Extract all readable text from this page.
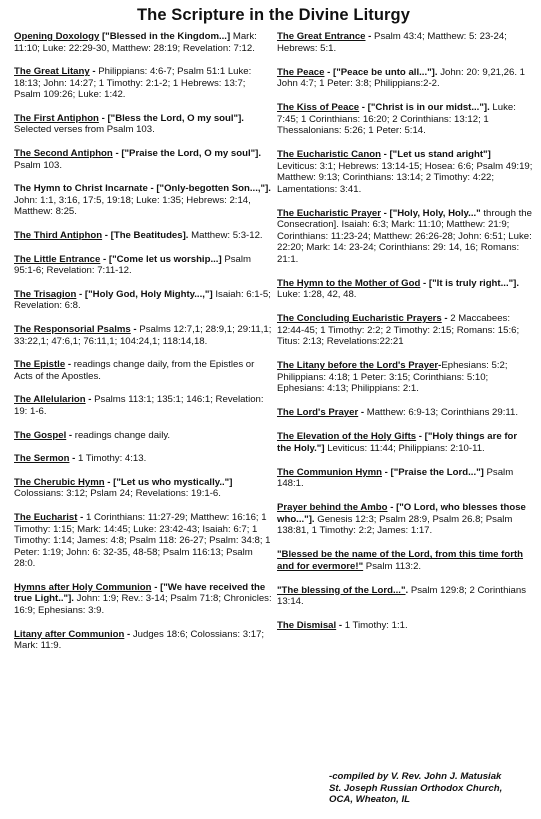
The Scripture in the Divine Liturgy
Opening Doxology ["Blessed in the Kingdom...] Mark: 11:10; Luke: 22:29-30, Matthew: 28:19; Revelation: 7:12.
The Great Litany - Philippians: 4:6-7; Psalm 51:1 Luke: 18:13; John: 14:27; 1 Timothy: 2:1-2; 1 Hebrews: 13:7; Psalm 109:26; Luke: 1:42.
The First Antiphon - ["Bless the Lord, O my soul"]. Selected verses from Psalm 103.
The Second Antiphon - ["Praise the Lord, O my soul"]. Psalm 103.
The Hymn to Christ Incarnate - ["Only-begotten Son...,"]. John: 1:1, 3:16, 17:5, 19:18; Luke: 1:35; Hebrews: 2:14, Matthew: 8:25.
The Third Antiphon - [The Beatitudes]. Matthew: 5:3-12.
The Little Entrance - ["Come let us worship...] Psalm 95:1-6; Revelation: 7:11-12.
The Trisagion - ["Holy God, Holy Mighty...,"] Isaiah: 6:1-5; Revelation: 6:8.
The Responsorial Psalms - Psalms 12:7,1; 28:9,1; 29:11,1; 33:22,1; 47:6,1; 76:11,1; 104:24,1; 118:14,18.
The Epistle - readings change daily, from the Epistles or Acts of the Apostles.
The Allelularion - Psalms 113:1; 135:1; 146:1; Revelation: 19: 1-6.
The Gospel - readings change daily.
The Sermon - 1 Timothy: 4:13.
The Cherubic Hymn - ["Let us who mystically.."] Colossians: 3:12; Pslam 24; Revelations: 19:1-6.
The Eucharist - 1 Corinthians: 11:27-29; Matthew: 16:16; 1 Timothy: 1:15; Mark: 14:45; Luke: 23:42-43; Isaiah: 6:7; 1 Timothy: 1:14; James: 4:8; Psalm 118: 26-27; Psalm: 34:8; 1 Peter: 1:19; John: 6: 32-35, 48-58; Psalm 116:13; Psalm 28:0.
Hymns after Holy Communion - ["We have received the true Light.."]. John: 1:9; Rev.: 3-14; Psalm 71:8; Chronicles: 16:9; Ephesians: 3:9.
Litany after Communion - Judges 18:6; Colossians: 3:17; Mark: 11:9.
The Great Entrance - Psalm 43:4; Matthew: 5: 23-24; Hebrews: 5:1.
The Peace - ["Peace be unto all..."]. John: 20: 9,21,26. 1 John 4:7; 1 Peter: 3:8; Philippians:2-2.
The Kiss of Peace - ["Christ is in our midst..."]. Luke: 7:45; 1 Corinthians: 16:20; 2 Corinthians: 13:12; 1 Thessalonians: 5:26; 1 Peter: 5:14.
The Eucharistic Canon - ["Let us stand aright"] Leviticus: 3:1; Hebrews: 13:14-15; Hosea: 6:6; Psalm 49:19; Matthew: 9:13; Corinthians: 13:14; 2 Timothy: 4:22; Lamentations: 3:41.
The Eucharistic Prayer - ["Holy, Holy, Holy..." through the Consecration]. Isaiah: 6:3; Mark: 11:10; Matthew: 21:9; Corinthians: 11:23-24; Matthew: 26:26-28; John: 6:51; Luke: 22:20; Mark: 14: 23-24; Corinthians: 29: 14, 16; Romans: 21:1.
The Hymn to the Mother of God - ["It is truly right..."]. Luke: 1:28, 42, 48.
The Concluding Eucharistic Prayers - 2 Maccabees: 12:44-45; 1 Timothy: 2:2; 2 Timothy: 2:15; Romans: 15:6; Titus: 2:13; Revelations:22:21
The Litany before the Lord's Prayer-Ephesians: 5:2; Philippians: 4:18; 1 Peter: 3:15; Corinthians: 5:10; Ephesians: 4:13; Philippians: 2:1.
The Lord's Prayer - Matthew: 6:9-13; Corinthians 29:11.
The Elevation of the Holy Gifts - ["Holy things are for the Holy."] Leviticus: 11:44; Philippians: 2:10-11.
The Communion Hymn - ["Praise the Lord..."] Psalm 148:1.
Prayer behind the Ambo - ["O Lord, who blesses those who..."]. Genesis 12:3; Psalm 28:9, Psalm 26.8; Psalm 138:81, 1 Timothy: 2:2; James: 1:17.
"Blessed be the name of the Lord, from this time forth and for evermore!" Psalm 113:2.
"The blessing of the Lord...". Psalm 129:8; 2 Corinthians 13:14.
The Dismisal - 1 Timothy: 1:1.
-compiled by V. Rev. John J. Matusiak
St. Joseph Russian Orthodox Church,
OCA, Wheaton, IL
